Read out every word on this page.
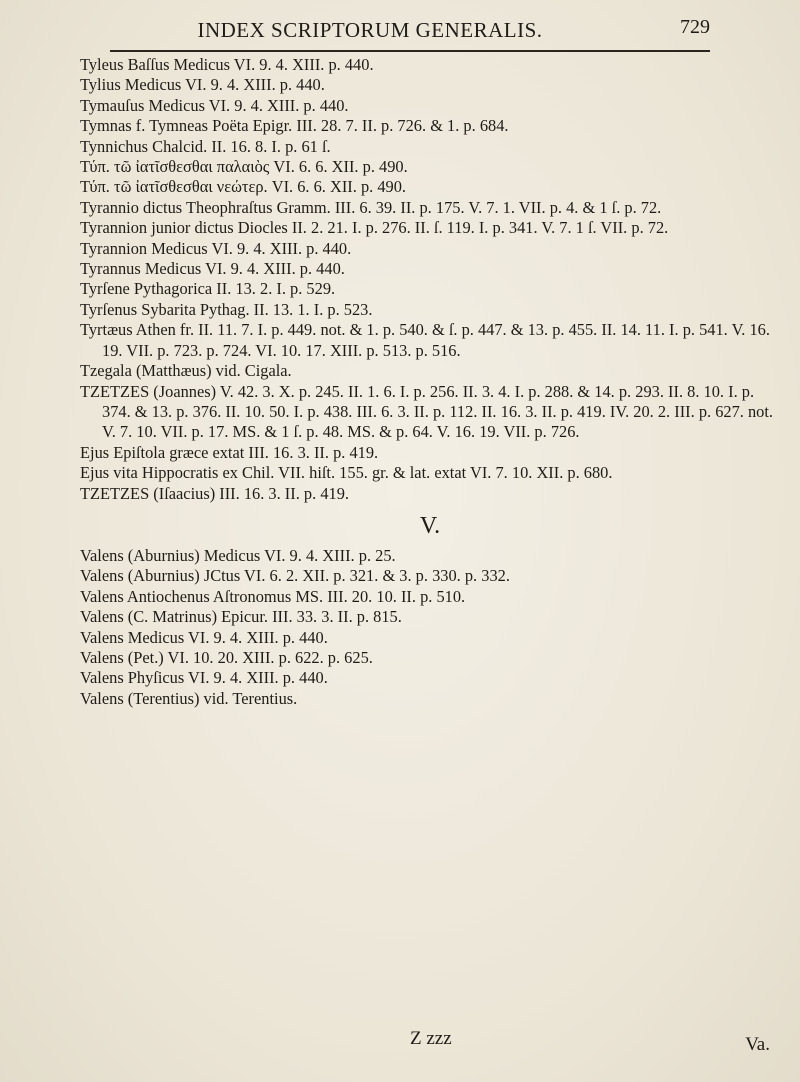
INDEX SCRIPTORUM GENERALIS.	729

Tyleus Baſſus Medicus VI. 9. 4. XIII. p. 440.

Tylius Medicus VI. 9. 4. XIII. p. 440.

Tymauſus Medicus VI. 9. 4. XIII. p. 440.

Tymnas f. Tymneas Poëta Epigr. III. 28. 7. II. p. 726. & 1. p. 684.

Tynnichus Chalcid. II. 16. 8. I. p. 61 ſ.

Τύπ. τῶ ἰατῖσθεσθαι παλαιὸς VI. 6. 6. XII. p. 490.

Τύπ. τῶ ἰατῖσθεσθαι νεώτερ. VI. 6. 6. XII. p. 490.

Tyrannio dictus Theophraſtus Gramm. III. 6. 39. II. p. 175. V. 7. 1. VII. p. 4. & 1 ſ. p. 72.

Tyrannion junior dictus Diocles II. 2. 21. I. p. 276. II. ſ. 119. I. p. 341. V. 7. 1 ſ. VII. p. 72.

Tyrannion Medicus VI. 9. 4. XIII. p. 440.

Tyrannus Medicus VI. 9. 4. XIII. p. 440.

Tyrſene Pythagorica II. 13. 2. I. p. 529.

Tyrſenus Sybarita Pythag. II. 13. 1. I. p. 523.

Tyrtæus Athen fr. II. 11. 7. I. p. 449. not. & 1. p. 540. & ſ. p. 447. & 13. p. 455. II. 14. 11. I. p. 541. V. 16. 19. VII. p. 723. p. 724. VI. 10. 17. XIII. p. 513. p. 516.

Tzegala (Matthæus) vid. Cigala.

TZETZES (Joannes) V. 42. 3. X. p. 245. II. 1. 6. I. p. 256. II. 3. 4. I. p. 288. & 14. p. 293. II. 8. 10. I. p. 374. & 13. p. 376. II. 10. 50. I. p. 438. III. 6. 3. II. p. 112. II. 16. 3. II. p. 419. IV. 20. 2. III. p. 627. not. V. 7. 10. VII. p. 17. MS. & 1 ſ. p. 48. MS. & p. 64. V. 16. 19. VII. p. 726.

Ejus Epiſtola græce extat III. 16. 3. II. p. 419.

Ejus vita Hippocratis ex Chil. VII. hiſt. 155. gr. & lat. extat VI. 7. 10. XII. p. 680.

TZETZES (Iſaacius) III. 16. 3. II. p. 419.

V.

Valens (Aburnius) Medicus VI. 9. 4. XIII. p. 25.

Valens (Aburnius) JCtus VI. 6. 2. XII. p. 321. & 3. p. 330. p. 332.

Valens Antiochenus Aſtronomus MS. III. 20. 10. II. p. 510.

Valens (C. Matrinus) Epicur. III. 33. 3. II. p. 815.

Valens Medicus VI. 9. 4. XIII. p. 440.

Valens (Pet.) VI. 10. 20. XIII. p. 622. p. 625.

Valens Phyſicus VI. 9. 4. XIII. p. 440.

Valens (Terentius) vid. Terentius.

Z zzz	Va.
